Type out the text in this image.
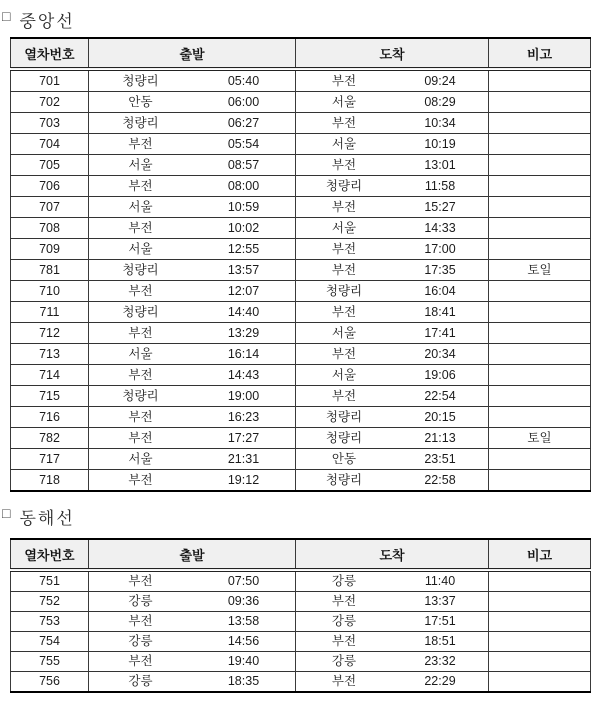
□ 중앙선
열차번호	출발	도착	비고
701	청량리 05:40	부전 09:24	

702	안동 06:00	서울 08:29	

703	청량리 06:27	부전 10:34	

704	부전 05:54	서울 10:19	

705	서울 08:57	부전 13:01	

706	부전 08:00	청량리 11:58	

707	서울 10:59	부전 15:27	

708	부전 10:02	서울 14:33	

709	서울 12:55	부전 17:00	

781	청량리 13:57	부전 17:35	토일
710	부전 12:07	청량리 16:04	

711	청량리 14:40	부전 18:41	

712	부전 13:29	서울 17:41	

713	서울 16:14	부전 20:34	

714	부전 14:43	서울 19:06	

715	청량리 19:00	부전 22:54	

716	부전 16:23	청량리 20:15	

782	부전 17:27	청량리 21:13	토일
717	서울 21:31	안동 23:51	

718	부전 19:12	청량리 22:58	

□ 동해선
열차번호	출발	도착	비고
751	부전 07:50	강릉 11:40	

752	강릉 09:36	부전 13:37	

753	부전 13:58	강릉 17:51	

754	강릉 14:56	부전 18:51	

755	부전 19:40	강릉 23:32	

756	강릉 18:35	부전 22:29	
